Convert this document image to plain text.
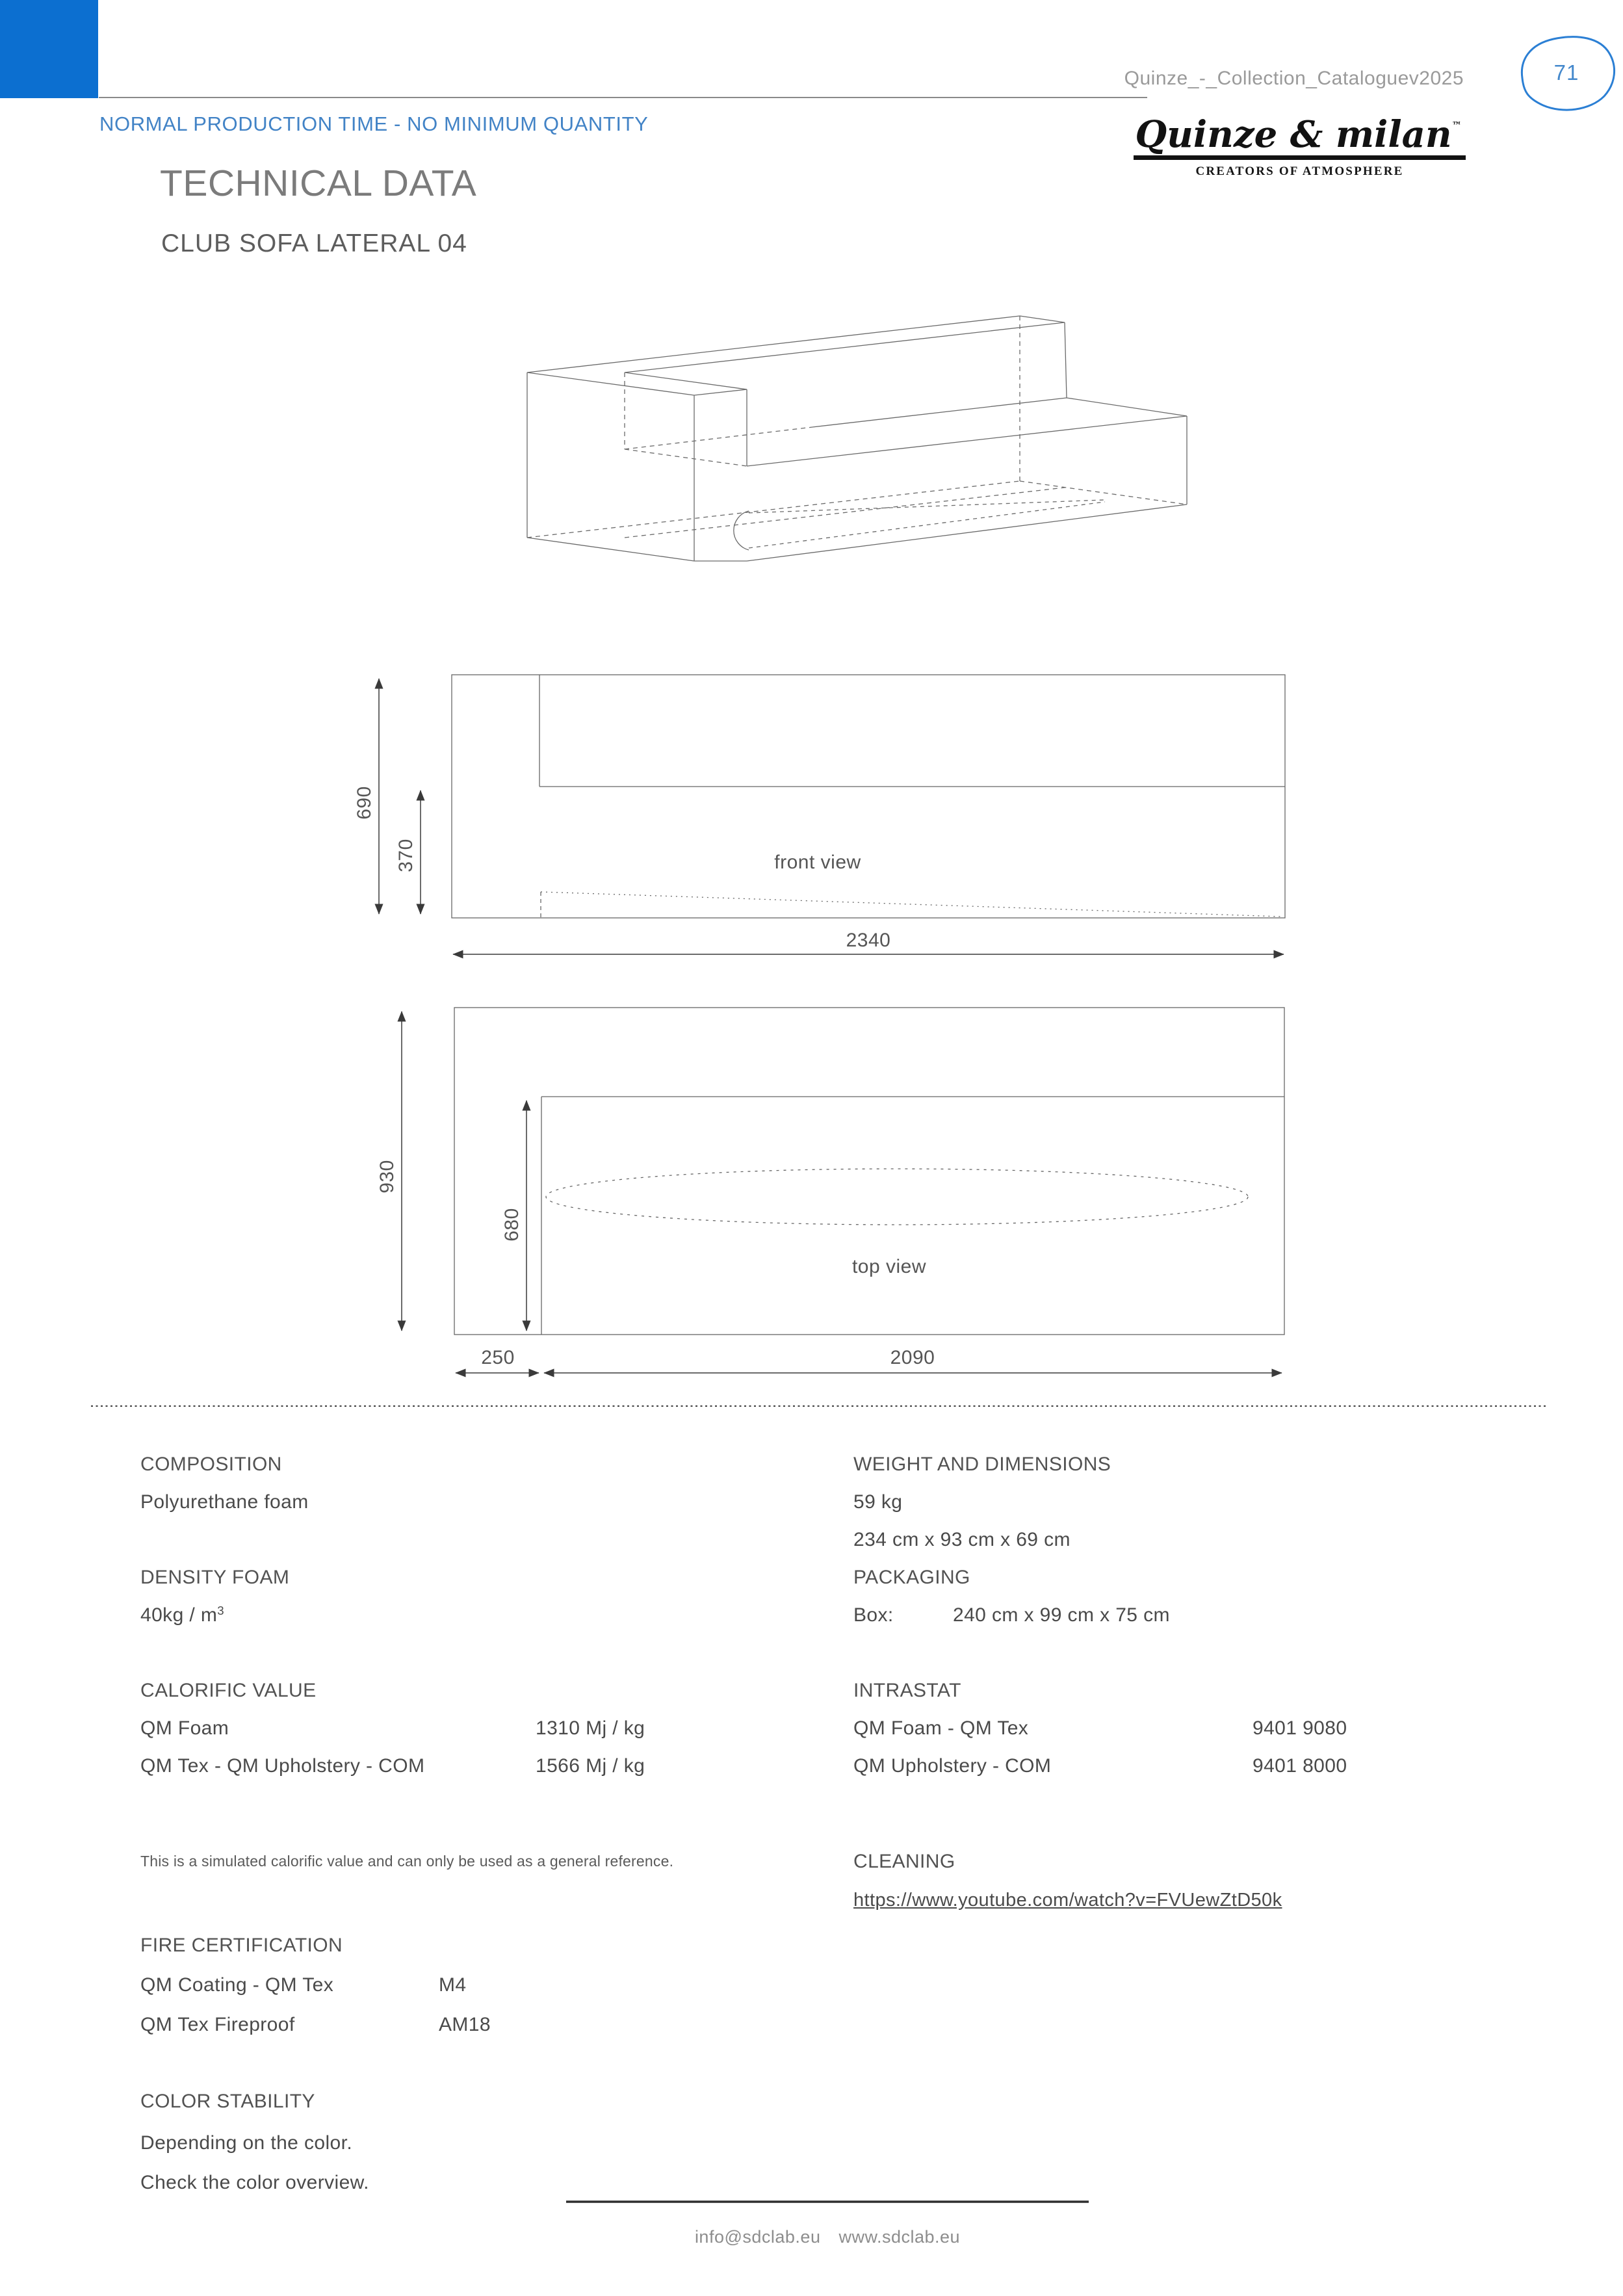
NORMAL PRODUCTION TIME - NO MINIMUM QUANTITY
TECHNICAL DATA
CLUB SOFA LATERAL 04
Quinze_-_Collection_Cataloguev2025	71
Quinze & milan™
CREATORS OF ATMOSPHERE
690
370
2340
front view
930
680
250	2090
top view
COMPOSITION
Polyurethane foam
DENSITY FOAM
$40kg / m^3$
CALORIFIC VALUE
QM Foam	1310 Mj / kg
QM Tex - QM Upholstery - COM	1566 Mj / kg
This is a simulated calorific value and can only be used as a general reference.
FIRE CERTIFICATION
QM Coating - QM Tex	M4
QM Tex Fireproof	AM18
COLOR STABILITY
Depending on the color.
Check the color overview.
WEIGHT AND DIMENSIONS
59 kg
234 cm x 93 cm x 69 cm
PACKAGING
Box:	240 cm x 99 cm x 75 cm
INTRASTAT
QM Foam - QM Tex	9401 9080
QM Upholstery - COM	9401 8000
CLEANING
https://www.youtube.com/watch?v=FVUewZtD50k
info@sdclab.eu www.sdclab.eu
